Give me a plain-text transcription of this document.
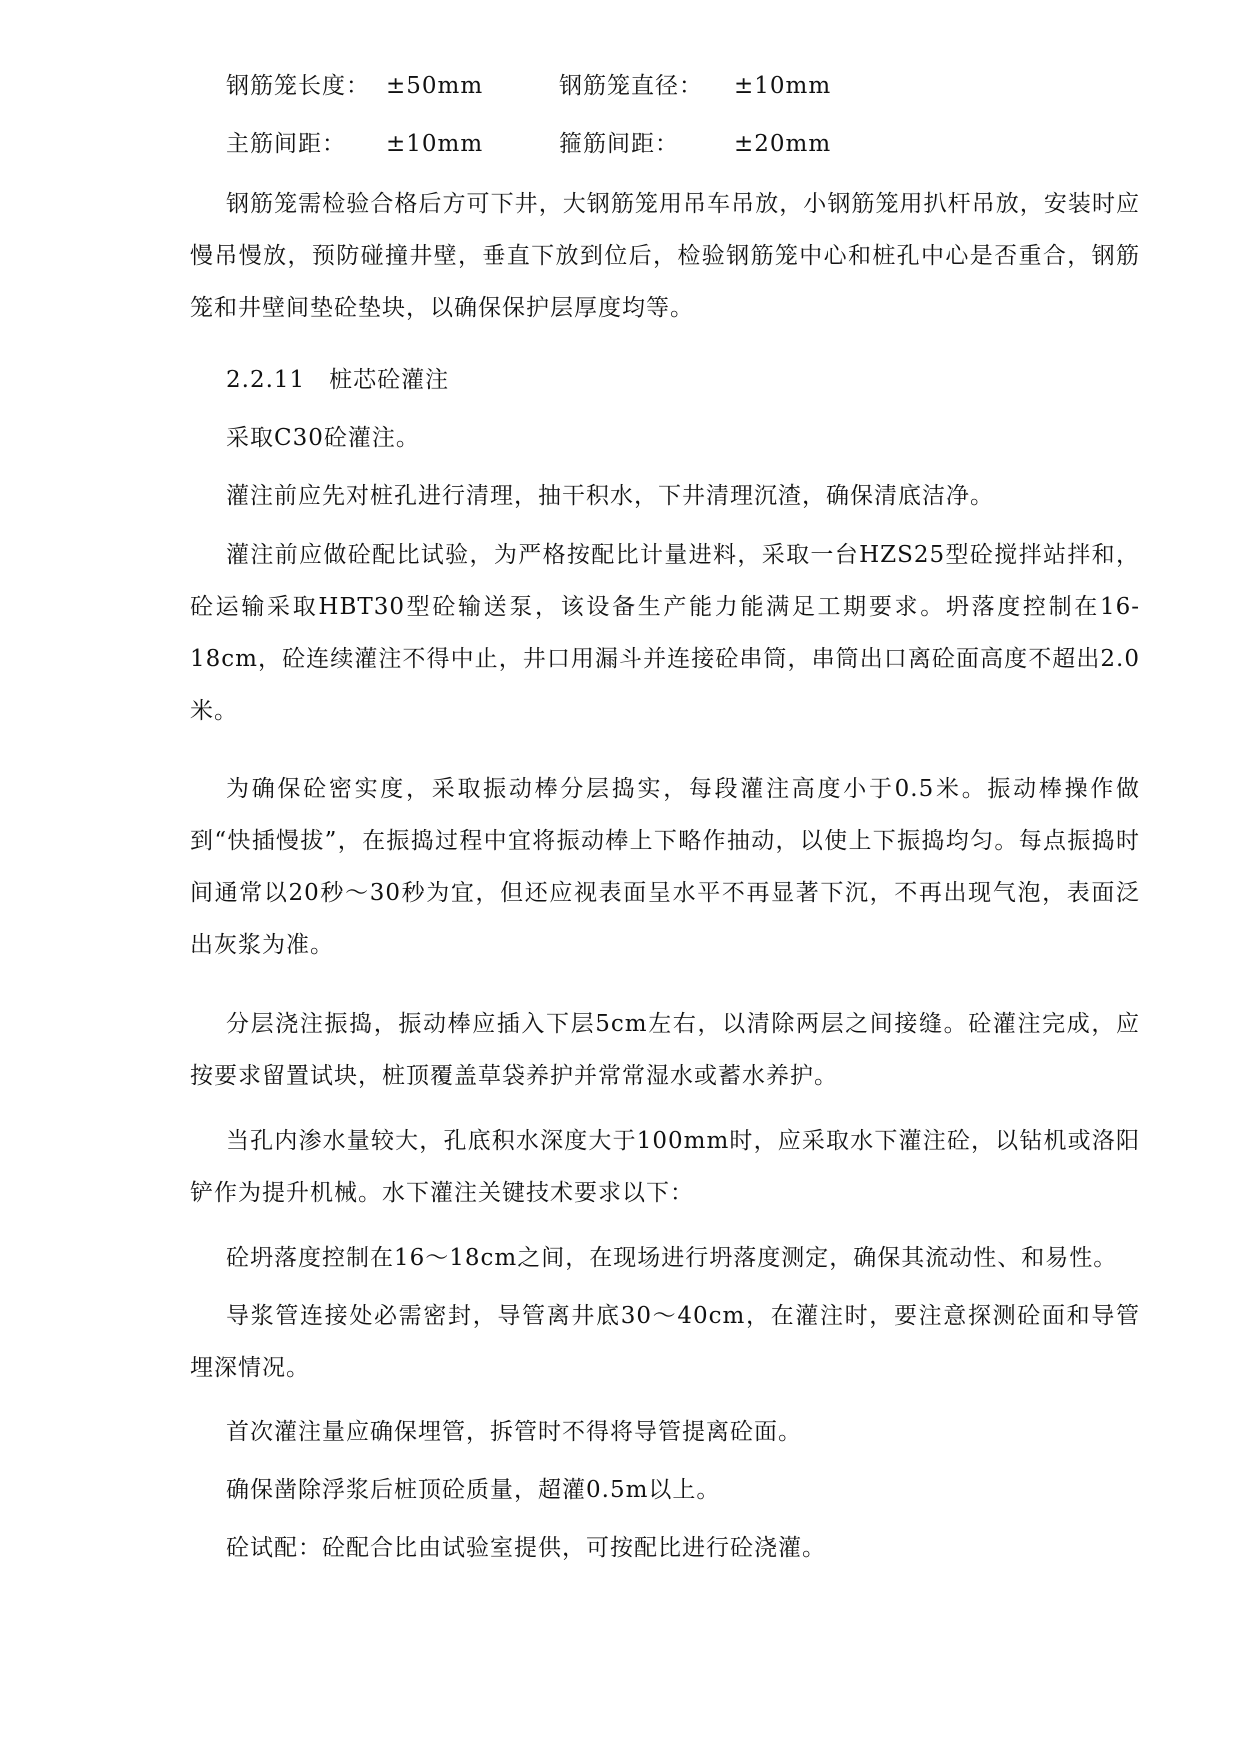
钢筋笼长度： ±50mm	钢筋笼直径： ±10mm
主筋间距： ±10mm	箍筋间距： ±20mm

钢筋笼需检验合格后方可下井，大钢筋笼用吊车吊放，小钢筋笼用扒杆吊放，安装时应慢吊慢放，预防碰撞井壁，垂直下放到位后，检验钢筋笼中心和桩孔中心是否重合，钢筋笼和井壁间垫砼垫块，以确保保护层厚度均等。

2.2.11　桩芯砼灌注

采取C30砼灌注。

灌注前应先对桩孔进行清理，抽干积水，下井清理沉渣，确保清底洁净。

灌注前应做砼配比试验，为严格按配比计量进料，采取一台HZS25型砼搅拌站拌和，砼运输采取HBT30型砼输送泵，该设备生产能力能满足工期要求。坍落度控制在16-18cm，砼连续灌注不得中止，井口用漏斗并连接砼串筒，串筒出口离砼面高度不超出2.0米。

为确保砼密实度，采取振动棒分层捣实，每段灌注高度小于0.5米。振动棒操作做到“快插慢拔”，在振捣过程中宜将振动棒上下略作抽动，以使上下振捣均匀。每点振捣时间通常以20秒～30秒为宜，但还应视表面呈水平不再显著下沉，不再出现气泡，表面泛出灰浆为准。

分层浇注振捣，振动棒应插入下层5cm左右，以清除两层之间接缝。砼灌注完成，应按要求留置试块，桩顶覆盖草袋养护并常常湿水或蓄水养护。

当孔内渗水量较大，孔底积水深度大于100mm时，应采取水下灌注砼，以钻机或洛阳铲作为提升机械。水下灌注关键技术要求以下：

砼坍落度控制在16～18cm之间，在现场进行坍落度测定，确保其流动性、和易性。

导浆管连接处必需密封，导管离井底30～40cm，在灌注时，要注意探测砼面和导管埋深情况。

首次灌注量应确保埋管，拆管时不得将导管提离砼面。

确保凿除浮浆后桩顶砼质量，超灌0.5m以上。

砼试配：砼配合比由试验室提供，可按配比进行砼浇灌。
